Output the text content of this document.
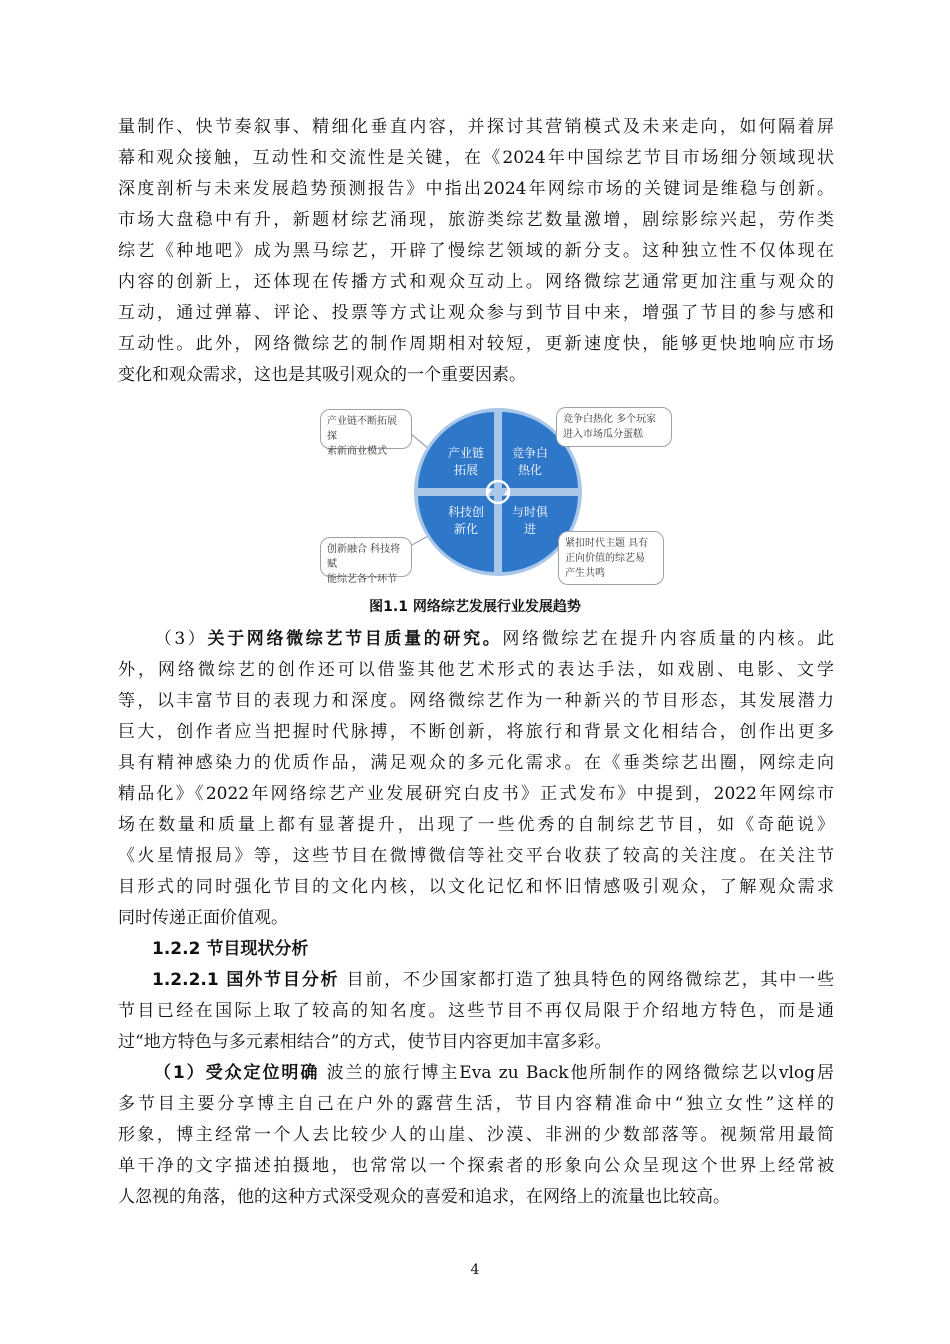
量制作、快节奏叙事、精细化垂直内容，并探讨其营销模式及未来走向，如何隔着屏
幕和观众接触，互动性和交流性是关键，在《2024年中国综艺节目市场细分领域现状
深度剖析与未来发展趋势预测报告》中指出2024年网综市场的关键词是维稳与创新。
市场大盘稳中有升，新题材综艺涌现，旅游类综艺数量激增，剧综影综兴起，劳作类
综艺《种地吧》成为黑马综艺，开辟了慢综艺领域的新分支。这种独立性不仅体现在
内容的创新上，还体现在传播方式和观众互动上。网络微综艺通常更加注重与观众的
互动，通过弹幕、评论、投票等方式让观众参与到节目中来，增强了节目的参与感和
互动性。此外，网络微综艺的制作周期相对较短，更新速度快，能够更快地响应市场
变化和观众需求，这也是其吸引观众的一个重要因素。
产业链
拓展
竞争白
热化
科技创
新化
与时俱
进
产业链不断拓展 探
索新商业模式
竞争白热化 多个玩家
进入市场瓜分蛋糕
创新融合 科技将赋
能综艺各个环节
紧扣时代主题 具有
正向价值的综艺易
产生共鸣
图1.1 网络综艺发展行业发展趋势
（3）关于网络微综艺节目质量的研究。网络微综艺在提升内容质量的内核。此
外，网络微综艺的创作还可以借鉴其他艺术形式的表达手法，如戏剧、电影、文学
等，以丰富节目的表现力和深度。网络微综艺作为一种新兴的节目形态，其发展潜力
巨大，创作者应当把握时代脉搏，不断创新，将旅行和背景文化相结合，创作出更多
具有精神感染力的优质作品，满足观众的多元化需求。在《垂类综艺出圈，网综走向
精品化》《2022年网络综艺产业发展研究白皮书》正式发布》中提到，2022年网综市
场在数量和质量上都有显著提升，出现了一些优秀的自制综艺节目，如《奇葩说》
《火星情报局》等，这些节目在微博微信等社交平台收获了较高的关注度。在关注节
目形式的同时强化节目的文化内核，以文化记忆和怀旧情感吸引观众，了解观众需求
同时传递正面价值观。
1.2.2 节目现状分析
1.2.2.1 国外节目分析 目前，不少国家都打造了独具特色的网络微综艺，其中一些
节目已经在国际上取了较高的知名度。这些节目不再仅局限于介绍地方特色，而是通
过“地方特色与多元素相结合”的方式，使节目内容更加丰富多彩。
（1）受众定位明确 波兰的旅行博主Eva zu Back他所制作的网络微综艺以vlog居
多节目主要分享博主自己在户外的露营生活，节目内容精准命中“独立女性”这样的
形象，博主经常一个人去比较少人的山崖、沙漠、非洲的少数部落等。视频常用最简
单干净的文字描述拍摄地，也常常以一个探索者的形象向公众呈现这个世界上经常被
人忽视的角落，他的这种方式深受观众的喜爱和追求，在网络上的流量也比较高。
4
